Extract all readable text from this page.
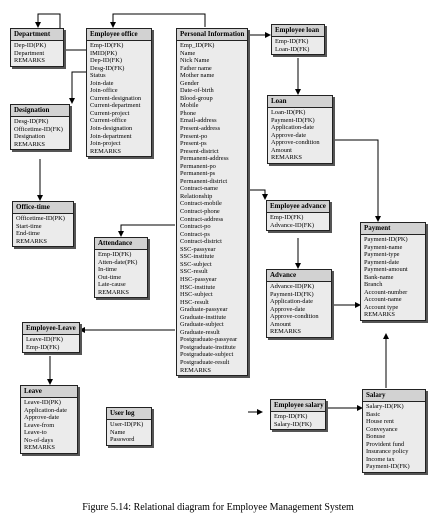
Department
Dep-ID(PK)
Department
REMARKS
Employee office
Emp-ID(FK)
IMID(PK)
Dep-ID(FK)
Desg-ID(FK)
Status
Join-date
Join-office
Current-designation
Current-department
Current-project
Current-office
Join-designation
Join-department
Join-project
REMARKS
Personal Information
Emp_ID(PK)
Name
Nick Name
Father name
Mother name
Gender
Date-of-birth
Blood-group
Mobile
Phone
Email-address
Present-address
Present-po
Present-ps
Present-district
Permanent-address
Permanent-po
Permanent-ps
Permanent-district
Contract-name
Relationship
Contract-mobile
Contract-phone
Contract-address
Contract-po
Contract-ps
Contract-district
SSC-passyear
SSC-institute
SSC-subject
SSC-result
HSC-passyear
HSC-institute
HSC-subject
HSC-result
Graduate-passyear
Graduate-institute
Graduate-subject
Graduate-result
Postgraduate-passyear
Postgraduate-institute
Postgraduate-subject
Postgraduate-result
REMARKS
Employee loan
Emp-ID(FK)
Loan-ID(FK)
Loan
Loan-ID(PK)
Payment-ID(FK)
Application-date
Approve-date
Approve-condition
Amount
REMARKS
Designation
Desg-ID(PK)
Officetime-ID(FK)
Designation
REMARKS
Office-time
Officetime-ID(PK)
Start-time
End-time
REMARKS
Employee advance
Emp-ID(FK)
Advance-ID(FK)	Payment
Payment-ID(PK)
Payment-name
Payment-type
Payment-date
Payment-amount
Bank-name
Branch
Account-number
Account-name
Account type
REMARKS
Attendance
Emp-ID(FK)
Atten-date(PK)
In-time
Out-time
Late-cause
REMARKS
Advance
Advance-ID(PK)
Payment-ID(FK)
Application-date
Approve-date
Approve-condition
Amount
REMARKS
Employee-Leave
Leave-ID(FK)
Emp-ID(FK)
Leave
Leave-ID(PK)
Application-date
Approve-date
Leave-from
Leave-to
No-of-days
REMARKS
User log
User-ID(PK)
Name
Password
Employee salary
Emp-ID(FK)
Salary-ID(FK)
Salary
Salary-ID(PK)
Basic
House rent
Conveyance
Bonuse
Provident fund
Insurance policy
Income tax
Payment-ID(FK)
Figure 5.14: Relational diagram for Employee Management System
